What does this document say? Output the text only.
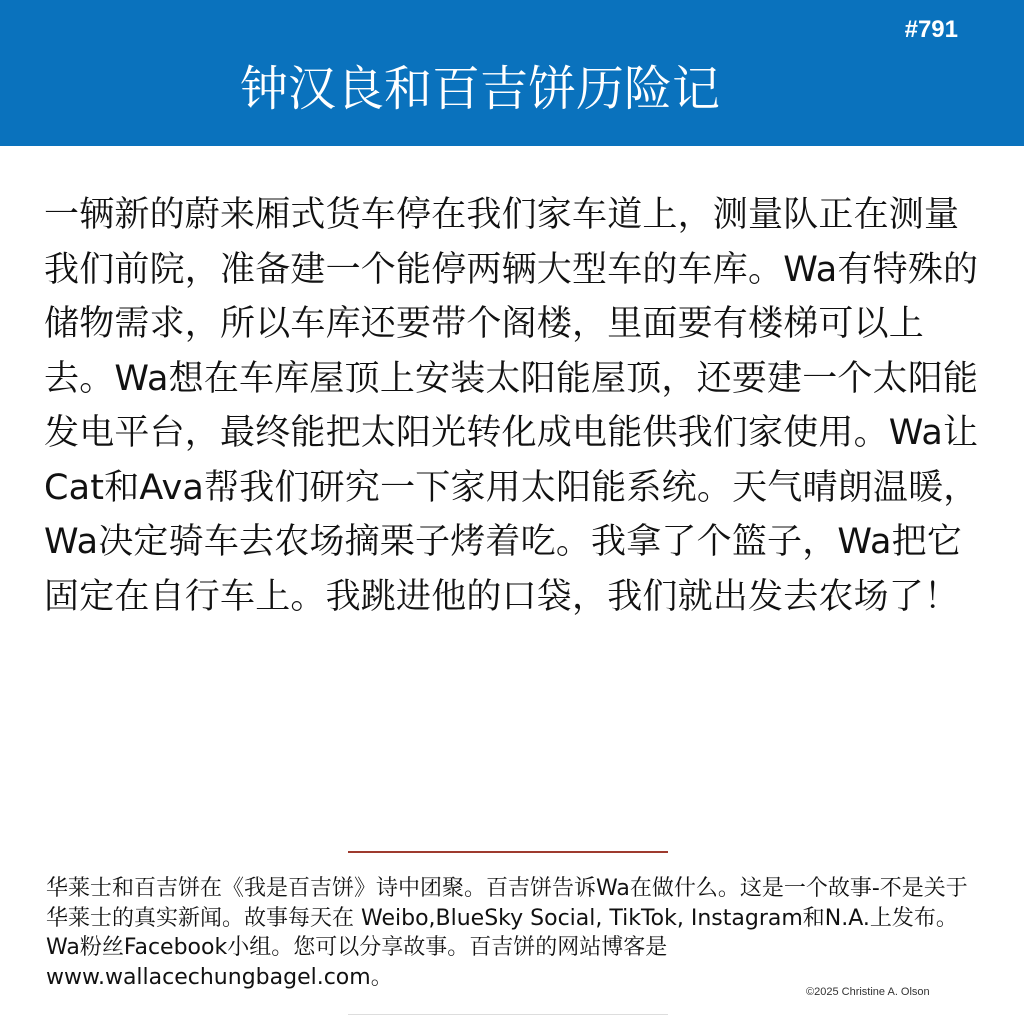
#791
钟汉良和百吉饼历险记
一辆新的蔚来厢式货车停在我们家车道上，测量队正在测量我们前院，准备建一个能停两辆大型车的车库。Wa有特殊的储物需求，所以车库还要带个阁楼，里面要有楼梯可以上去。Wa想在车库屋顶上安装太阳能屋顶，还要建一个太阳能发电平台，最终能把太阳光转化成电能供我们家使用。Wa让Cat和Ava帮我们研究一下家用太阳能系统。天气晴朗温暖，Wa决定骑车去农场摘栗子烤着吃。我拿了个篮子，Wa把它固定在自行车上。我跳进他的口袋，我们就出发去农场了！
华莱士和百吉饼在《我是百吉饼》诗中团聚。百吉饼告诉Wa在做什么。这是一个故事-不是关于华莱士的真实新闻。故事每天在 Weibo,BlueSky Social, TikTok, Instagram和N.A.上发布。Wa粉丝Facebook小组。您可以分享故事。百吉饼的网站博客是www.wallacechungbagel.com。
©2025 Christine A. Olson
